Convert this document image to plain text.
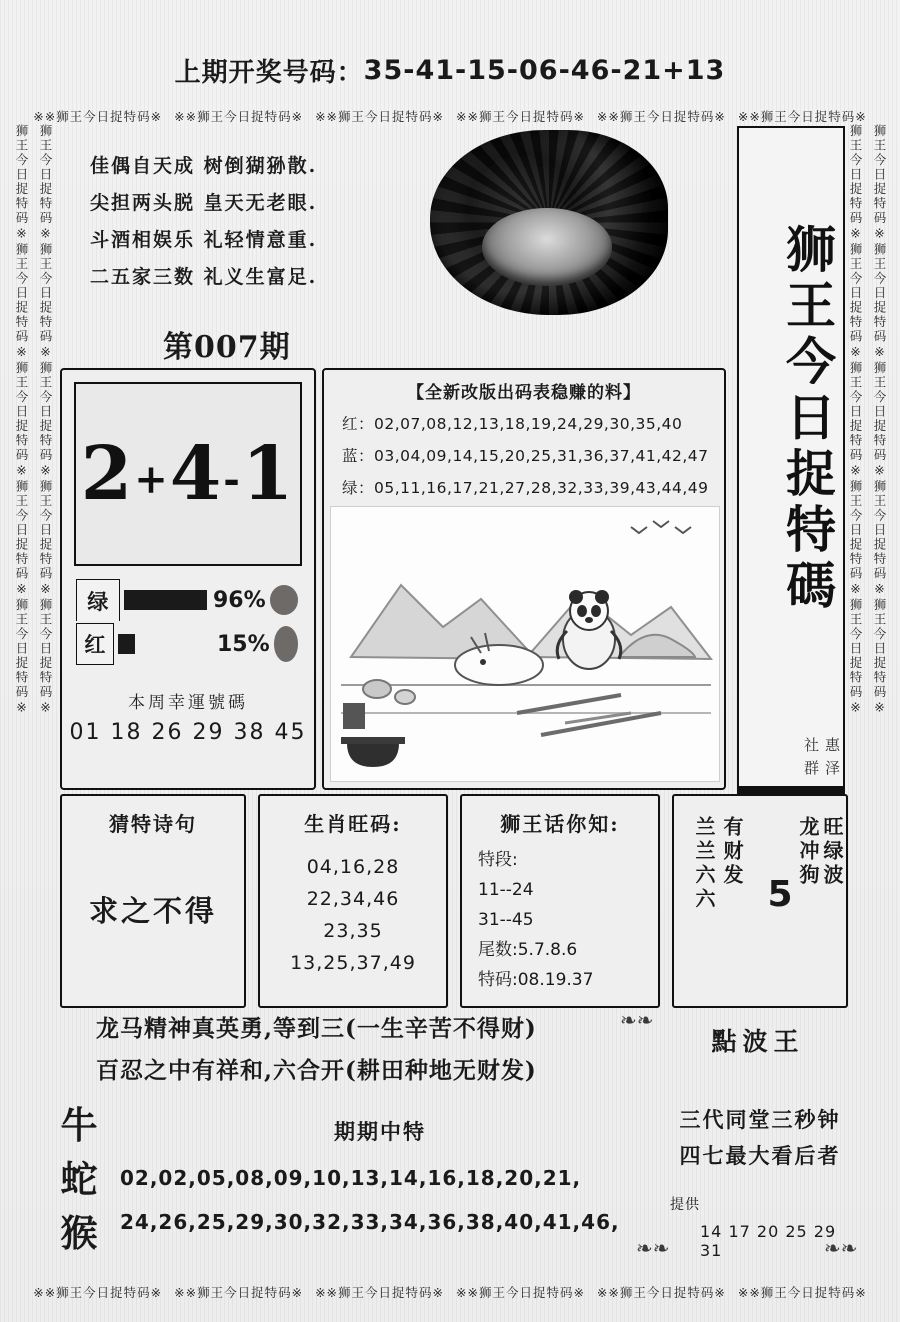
上期开奖号码： 35-41-15-06-46-21+13
※※狮王今日捉特码※ ※※狮王今日捉特码※ ※※狮王今日捉特码※ ※※狮王今日捉特码※ ※※狮王今日捉特码※ ※※狮王今日捉特码※
※※狮王今日捉特码※ ※※狮王今日捉特码※ ※※狮王今日捉特码※ ※※狮王今日捉特码※ ※※狮王今日捉特码※ ※※狮王今日捉特码※
狮王今日捉特码※狮王今日捉特码※狮王今日捉特码※狮王今日捉特码※狮王今日捉特码※ 狮王今日捉特码※狮王今日捉特码※狮王今日捉特码※狮王今日捉特码※狮王今日捉特码※	狮王今日捉特码※狮王今日捉特码※狮王今日捉特码※狮王今日捉特码※狮王今日捉特码※ 狮王今日捉特码※狮王今日捉特码※狮王今日捉特码※狮王今日捉特码※狮王今日捉特码※
佳偶自天成 树倒猢狲散.
尖担两头脱 皇天无老眼.
斗酒相娱乐 礼轻情意重.
二五家三数 礼义生富足.
第007期	狮王今日捉特碼
惠泽社群
2+4-1
绿	96%
红	15%
本周幸運號碼
01 18 26 29 38 45
【全新改版出码表稳赚的料】
红：02,07,08,12,13,18,19,24,29,30,35,40
蓝：03,04,09,14,15,20,25,31,36,37,41,42,47
绿：05,11,16,17,21,27,28,32,33,39,43,44,49
猜特诗句
求之不得
生肖旺码:
04,16,28
22,34,46
23,35
13,25,37,49
狮王话你知:
特段:
11--24
31--45
尾数:5.7.8.6
特码:08.19.37
兰兰六六 有财发
5
龙冲狗 旺绿波
龙马精神真英勇,等到三(一生辛苦不得财)
百忍之中有祥和,六合开(耕田种地无财发)
牛蛇猴
期期中特
02,02,05,08,09,10,13,14,16,18,20,21,
24,26,25,29,30,32,33,34,36,38,40,41,46,
點波王
三代同堂三秒钟
四七最大看后者
提供
14 17 20 25 29 31
❧❧
❧❧	❧❧
